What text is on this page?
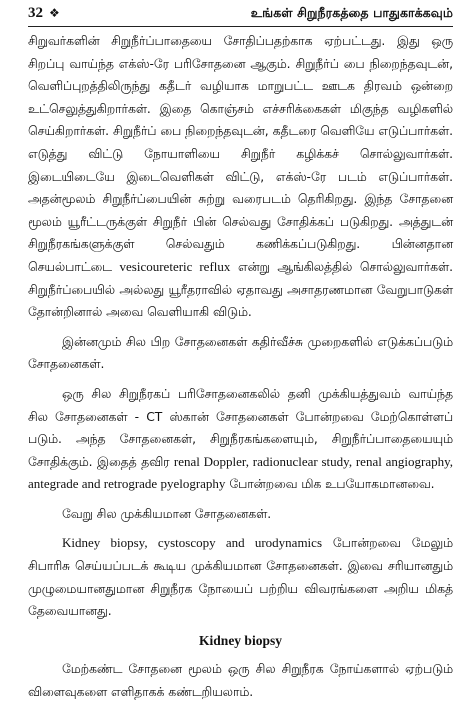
32 ❖	உங்கள் சிறுநீரகத்தை பாதுகாக்கவும்

சிறுவர்களின் சிறுநீர்ப்பாதையை சோதிப்பதற்காக ஏற்பட்டது. இது ஒரு சிறப்பு வாய்ந்த எக்ஸ்-ரே பரிசோதனை ஆகும். சிறுநீர்ப் பை நிறைந்தவுடன், வெளிப்புறத்திலிருந்து கதீடர் வழியாக மாறுபட்ட ஊடக திரவம் ஒன்றை உட்செலுத்துகிறார்கள். இதை கொஞ்சம் எச்சரிக்கைகள் மிகுந்த வழிகளில் செய்கிறார்கள். சிறுநீர்ப் பை நிறைந்தவுடன், கதீடரை வெளியே எடுப்பார்கள். எடுத்து விட்டு நோயாளியை சிறுநீர் கழிக்கச் சொல்லுவார்கள். இடையிடையே இடைவெளிகள் விட்டு, எக்ஸ்-ரே படம் எடுப்பார்கள். அதன்மூலம் சிறுநீர்ப்பையின் சுற்று வரைபடம் தெரிகிறது. இந்த சோதனை மூலம் யூரீட்டருக்குள் சிறுநீர் பின் செல்வது சோதிக்கப் படுகிறது. அத்துடன் சிறுநீரகங்களுக்குள் செல்வதும் கணிக்கப்படுகிறது. பின்னதான செயல்பாட்டை vesicoureteric reflux என்று ஆங்கிலத்தில் சொல்லுவார்கள். சிறுநீர்ப்பையில் அல்லது யூரீதராவில் ஏதாவது அசாதரணமான வேறுபாடுகள் தோன்றினால் அவை வெளியாகி விடும்.

இன்னமும் சில பிற சோதனைகள் கதிர்வீச்சு முறைகளில் எடுக்கப்படும் சோதனைகள்.

ஒரு சில சிறுநீரகப் பரிசோதனைகலில் தனி முக்கியத்துவம் வாய்ந்த சில சோதனைகள் - CT ஸ்கான் சோதனைகள் போன்றவை மேற்கொள்ளப் படும். அந்த சோதனைகள், சிறுநீரகங்களையும், சிறுநீர்ப்பாதையையும் சோதிக்கும். இதைத் தவிர renal Doppler, radionuclear study, renal angiography, antegrade and retrograde pyelography போன்றவை மிக உபயோகமானவை.

வேறு சில முக்கியமான சோதனைகள்.

Kidney biopsy, cystoscopy and urodynamics போன்றவை மேலும் சிபாரிசு செய்யப்படக் கூடிய முக்கியமான சோதனைகள். இவை சரியானதும் முழுமையானதுமான சிறுநீரக நோயைப் பற்றிய விவரங்களை அறிய மிகத் தேவையானது.

Kidney biopsy

மேற்கண்ட சோதனை மூலம் ஒரு சில சிறுநீரக நோய்களால் ஏற்படும் விளைவுகளை எளிதாகக் கண்டறியலாம்.
